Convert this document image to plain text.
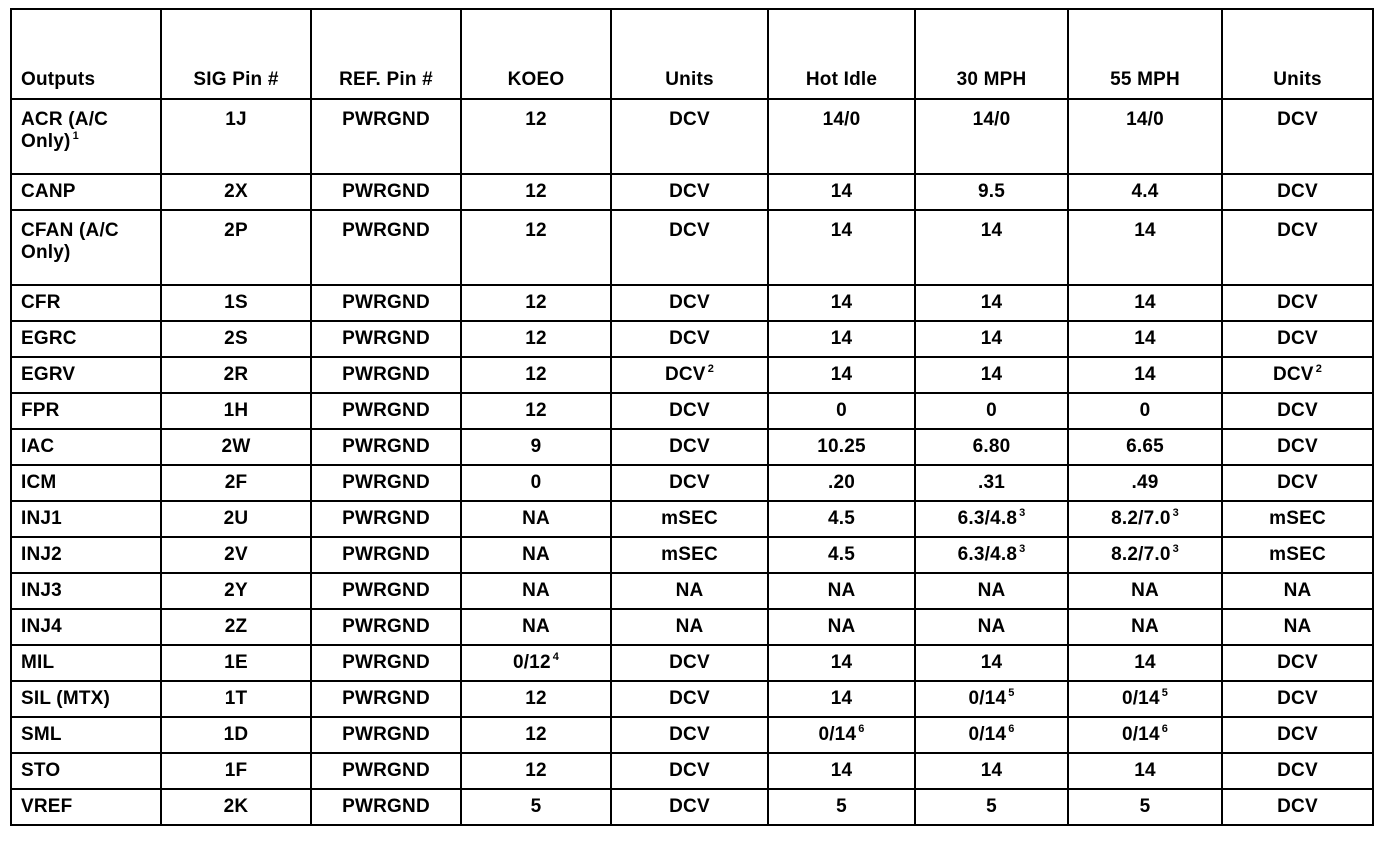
Outputs	SIG Pin #	REF. Pin #	KOEO	Units	Hot Idle	30 MPH	55 MPH	Units
ACR (A/C Only) $^1$	1J	PWRGND	12	DCV	14/0	14/0	14/0	DCV
CANP	2X	PWRGND	12	DCV	14	9.5	4.4	DCV
CFAN (A/C Only)	2P	PWRGND	12	DCV	14	14	14	DCV
CFR	1S	PWRGND	12	DCV	14	14	14	DCV
EGRC	2S	PWRGND	12	DCV	14	14	14	DCV
EGRV	2R	PWRGND	12	DCV $^2$	14	14	14	DCV $^2$
FPR	1H	PWRGND	12	DCV	0	0	0	DCV
IAC	2W	PWRGND	9	DCV	10.25	6.80	6.65	DCV
ICM	2F	PWRGND	0	DCV	.20	.31	.49	DCV
INJ1	2U	PWRGND	NA	mSEC	4.5	6.3/4.8 $^3$	8.2/7.0 $^3$	mSEC
INJ2	2V	PWRGND	NA	mSEC	4.5	6.3/4.8 $^3$	8.2/7.0 $^3$	mSEC
INJ3	2Y	PWRGND	NA	NA	NA	NA	NA	NA
INJ4	2Z	PWRGND	NA	NA	NA	NA	NA	NA
MIL	1E	PWRGND	0/12 $^4$	DCV	14	14	14	DCV
SIL (MTX)	1T	PWRGND	12	DCV	14	0/14 $^5$	0/14 $^5$	DCV
SML	1D	PWRGND	12	DCV	0/14 $^6$	0/14 $^6$	0/14 $^6$	DCV
STO	1F	PWRGND	12	DCV	14	14	14	DCV
VREF	2K	PWRGND	5	DCV	5	5	5	DCV
